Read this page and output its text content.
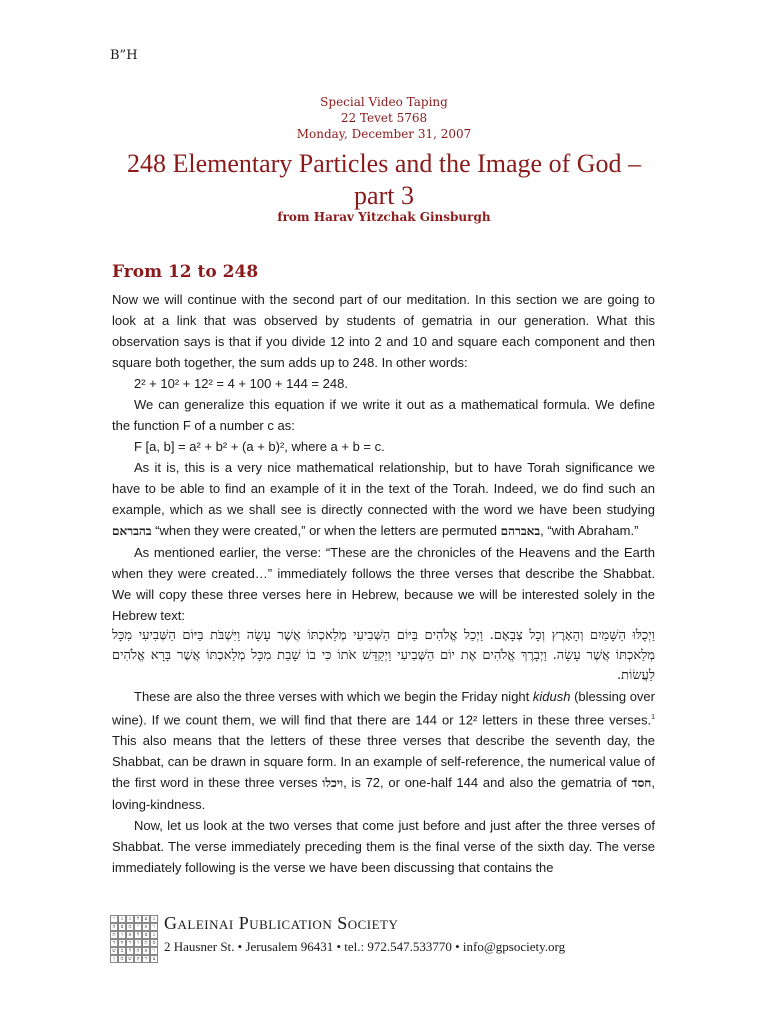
B”H
Special Video Taping
22 Tevet 5768
Monday, December 31, 2007
248 Elementary Particles and the Image of God –
part 3
from Harav Yitzchak Ginsburgh
From 12 to 248

Now we will continue with the second part of our meditation. In this section we are going to look at a link that was observed by students of gematria in our generation. What this observation says is that if you divide 12 into 2 and 10 and square each component and then square both together, the sum adds up to 248. In other words:

2² + 10² + 12² = 4 + 100 + 144 = 248.

We can generalize this equation if we write it out as a mathematical formula. We define the function F of a number c as:

F [a, b] = a² + b² + (a + b)², where a + b = c.

As it is, this is a very nice mathematical relationship, but to have Torah significance we have to be able to find an example of it in the text of the Torah. Indeed, we do find such an example, which as we shall see is directly connected with the word we have been studying בהבראם “when they were created,” or when the letters are permuted באברהם, “with Abraham.”

As mentioned earlier, the verse: “These are the chronicles of the Heavens and the Earth when they were created…” immediately follows the three verses that describe the Shabbat. We will copy these three verses here in Hebrew, because we will be interested solely in the Hebrew text:

וַיְכֻלּוּ הַשָּׁמַיִם וְהָאָרֶץ וְכָל צְבָאָם. וַיְכַל אֱלֹהִים בַּיּוֹם הַשְּׁבִיעִי מְלַאכְתּוֹ אֲשֶׁר עָשָׂה וַיִּשְׁבֹּת בַּיּוֹם הַשְּׁבִיעִי מִכָּל מְלַאכְתּוֹ אֲשֶׁר עָשָׂה. וַיְבָרֶךְ אֱלֹהִים אֶת יוֹם הַשְּׁבִיעִי וַיְקַדֵּשׁ אֹתוֹ כִּי בוֹ שָׁבַת מִכָּל מְלַאכְתּוֹ אֲשֶׁר בָּרָא אֱלֹהִים לַעֲשׂוֹת.

These are also the three verses with which we begin the Friday night kidush (blessing over wine). If we count them, we will find that there are 144 or 12² letters in these three verses.$^1$ This also means that the letters of these three verses that describe the seventh day, the Shabbat, can be drawn in square form. In an example of self-reference, the numerical value of the first word in these three verses ויכלו, is 72, or one-half 144 and also the gematria of חסד, loving-kindness.

Now, let us look at the two verses that come just before and just after the three verses of Shabbat. The verse immediately preceding them is the final verse of the sixth day. The verse immediately following is the verse we have been discussing that contains the

י	ג	נ	ל	ע	ג
ה	פ	מ	י	א	ו
ת	ו	א	ל	פ	נ
ד	ח	ר	ו	ת	ס
ש	ב	ל	ה	א	ו
ן	מ ש ק	ר	צ
Galeinai Publication Society
2 Hausner St. • Jerusalem 96431 • tel.: 972.547.533770 • info@gpsociety.org
